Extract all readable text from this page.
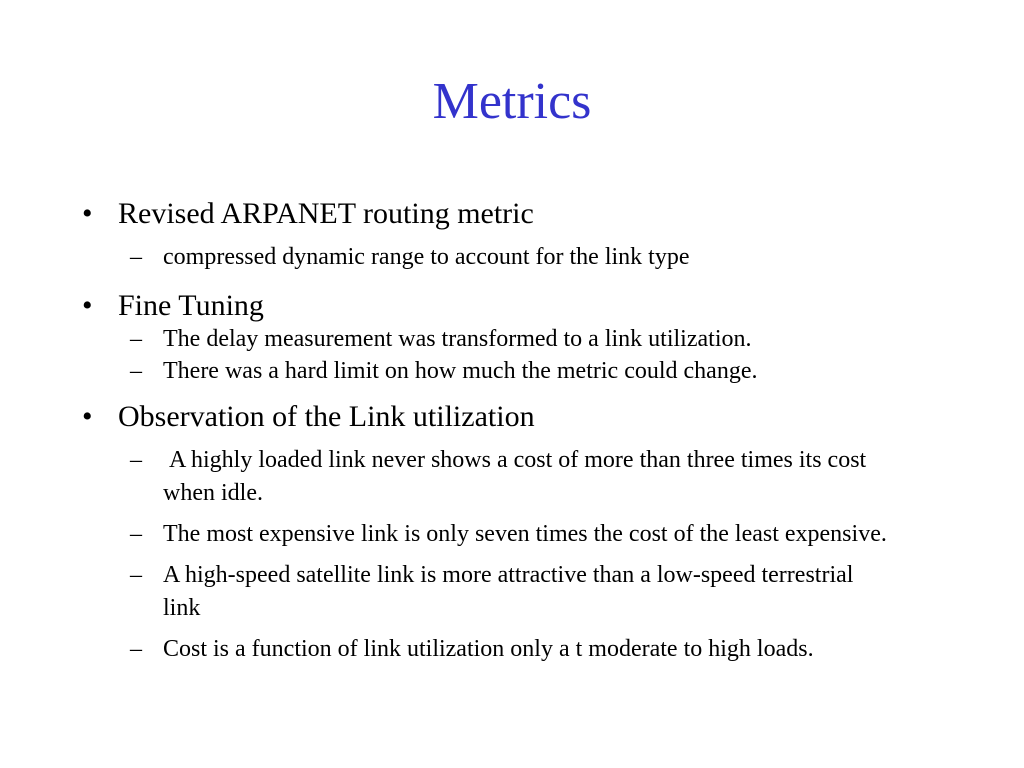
Metrics
• Revised ARPANET routing metric
– compressed dynamic range to account for the link type
• Fine Tuning
– The delay measurement was transformed to a link utilization.
– There was a hard limit on how much the metric could change.
• Observation of the Link utilization
– A highly loaded link never shows a cost of more than three times its cost when idle.
– The most expensive link is only seven times the cost of the least expensive.
– A high-speed satellite link is more attractive than a low-speed terrestrial link
– Cost is a function of link utilization only a t moderate to high loads.
